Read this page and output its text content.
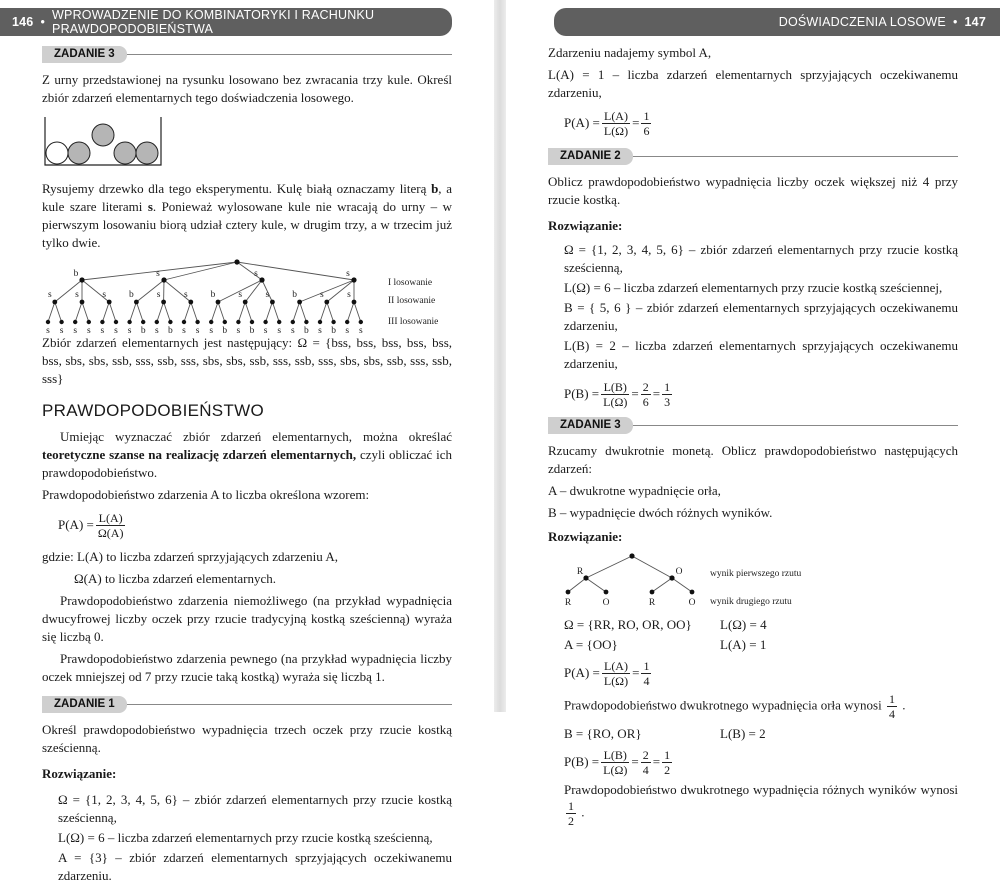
146 • WPROWADZENIE DO KOMBINATORYKI I RACHUNKU PRAWDOPODOBIEŃSTWA
ZADANIE 3

Z urny przedstawionej na rysunku losowano bez zwracania trzy kule. Określ zbiór zdarzeń elementarnych tego doświadczenia losowego.

Rysujemy drzewko dla tego eksperymentu. Kulę białą oznaczamy literą b, a kule szare literami s. Ponieważ wylosowane kule nie wracają do urny – w pierwszym losowaniu biorą udział cztery kule, w drugim trzy, a w trzecim już tylko dwie.

b	s	s	s
s s s b s s b s s b s s
s s s s s s s b s b s s s b s b s s s b s b s s
I losowanie
II losowanie
III losowanie

Zbiór zdarzeń elementarnych jest następujący: Ω = {bss, bss, bss, bss, bss, bss, sbs, sbs, ssb, sss, ssb, sss, sbs, sbs, ssb, sss, ssb, sss, sbs, sbs, ssb, sss, ssb, sss}

PRAWDOPODOBIEŃSTWO

Umiejąc wyznaczać zbiór zdarzeń elementarnych, można określać teoretyczne szanse na realizację zdarzeń elementarnych, czyli obliczać ich prawdopodobieństwo.

Prawdopodobieństwo zdarzenia A to liczba określona wzorem:

$P(A) = \frac{L(A)}{\Omega(A)}$

gdzie: L(A) to liczba zdarzeń sprzyjających zdarzeniu A,

Ω(A) to liczba zdarzeń elementarnych.

Prawdopodobieństwo zdarzenia niemożliwego (na przykład wypadnięcia dwucyfrowej liczby oczek przy rzucie tradycyjną kostką sześcienną) wyraża się liczbą 0.

Prawdopodobieństwo zdarzenia pewnego (na przykład wypadnięcia liczby oczek mniejszej od 7 przy rzucie taką kostką) wyraża się liczbą 1.

ZADANIE 1

Określ prawdopodobieństwo wypadnięcia trzech oczek przy rzucie kostką sześcienną.

Rozwiązanie:

Ω = {1, 2, 3, 4, 5, 6} – zbiór zdarzeń elementarnych przy rzucie kostką sześcienną,

L(Ω) = 6 – liczba zdarzeń elementarnych przy rzucie kostką sześcienną,

A = {3} – zbiór zdarzeń elementarnych sprzyjających oczekiwanemu zdarzeniu.

DOŚWIADCZENIA LOSOWE • 147

Zdarzeniu nadajemy symbol A,

L(A) = 1 – liczba zdarzeń elementarnych sprzyjających oczekiwanemu zdarzeniu,

$P(A) = \frac{L(A)}{L(\Omega)} = \frac{1}{6}$
ZADANIE 2

Oblicz prawdopodobieństwo wypadnięcia liczby oczek większej niż 4 przy rzucie kostką.

Rozwiązanie:

Ω = {1, 2, 3, 4, 5, 6} – zbiór zdarzeń elementarnych przy rzucie kostką sześcienną,

L(Ω) = 6 – liczba zdarzeń elementarnych przy rzucie kostką sześciennej,

B = { 5, 6 } – zbiór zdarzeń elementarnych sprzyjających oczekiwanemu zdarzeniu,

L(B) = 2 – liczba zdarzeń elementarnych sprzyjających oczekiwanemu zdarzeniu,

$P(B) = \frac{L(B)}{L(\Omega)} = \frac{2}{6} = \frac{1}{3}$
ZADANIE 3

Rzucamy dwukrotnie monetą. Oblicz prawdopodobieństwo następujących zdarzeń:

A – dwukrotne wypadnięcie orła,

B – wypadnięcie dwóch różnych wyników.

Rozwiązanie:

R	O
R	O	R	O
wynik pierwszego rzutu
wynik drugiego rzutu
Ω = {RR, RO, OR, OO}	L(Ω) = 4
A = {OO}	L(A) = 1
$P(A) = \frac{L(A)}{L(\Omega)} = \frac{1}{4}$

Prawdopodobieństwo dwukrotnego wypadnięcia orła wynosi $\frac{1}{4}$ .

B = {RO, OR}	L(B) = 2
$P(B) = \frac{L(B)}{L(\Omega)} = \frac{2}{4} = \frac{1}{2}$

Prawdopodobieństwo dwukrotnego wypadnięcia różnych wyników wynosi
$\frac{1}{2}$ .
